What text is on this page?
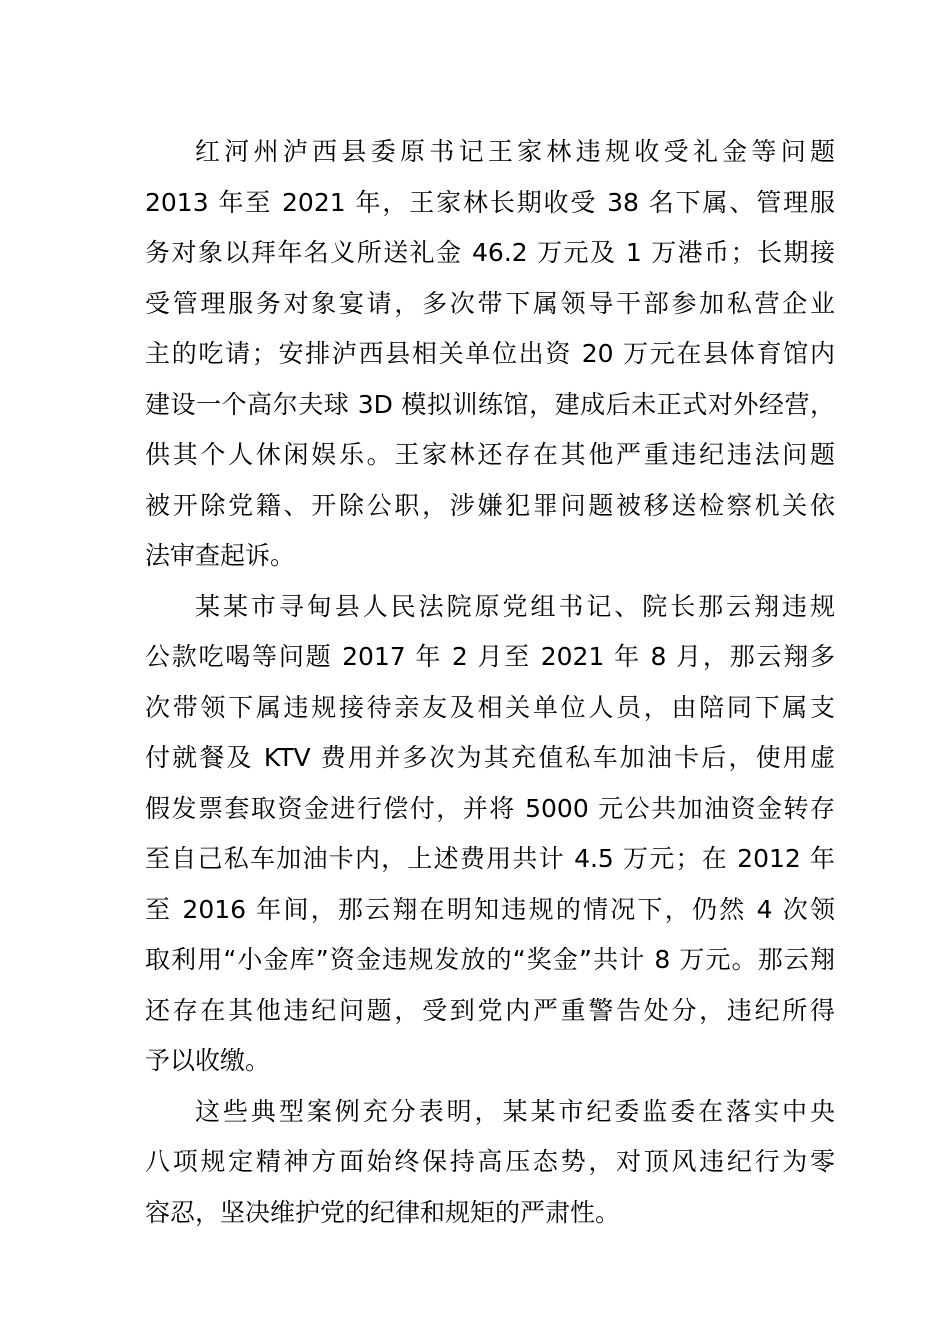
红河州泸西县委原书记王家林违规收受礼金等问题
2013 年至 2021 年，王家林长期收受 38 名下属、管理服
务对象以拜年名义所送礼金 46.2 万元及 1 万港币；长期接
受管理服务对象宴请，多次带下属领导干部参加私营企业
主的吃请；安排泸西县相关单位出资 20 万元在县体育馆内
建设一个高尔夫球 3D 模拟训练馆，建成后未正式对外经营，
供其个人休闲娱乐。王家林还存在其他严重违纪违法问题
被开除党籍、开除公职，涉嫌犯罪问题被移送检察机关依
法审查起诉。
某某市寻甸县人民法院原党组书记、院长那云翔违规
公款吃喝等问题 2017 年 2 月至 2021 年 8 月，那云翔多
次带领下属违规接待亲友及相关单位人员，由陪同下属支
付就餐及 KTV 费用并多次为其充值私车加油卡后，使用虚
假发票套取资金进行偿付，并将 5000 元公共加油资金转存
至自己私车加油卡内，上述费用共计 4.5 万元；在 2012 年
至 2016 年间，那云翔在明知违规的情况下，仍然 4 次领
取利用“小金库”资金违规发放的“奖金”共计 8 万元。那云翔
还存在其他违纪问题，受到党内严重警告处分，违纪所得
予以收缴。
这些典型案例充分表明，某某市纪委监委在落实中央
八项规定精神方面始终保持高压态势，对顶风违纪行为零
容忍，坚决维护党的纪律和规矩的严肃性。
